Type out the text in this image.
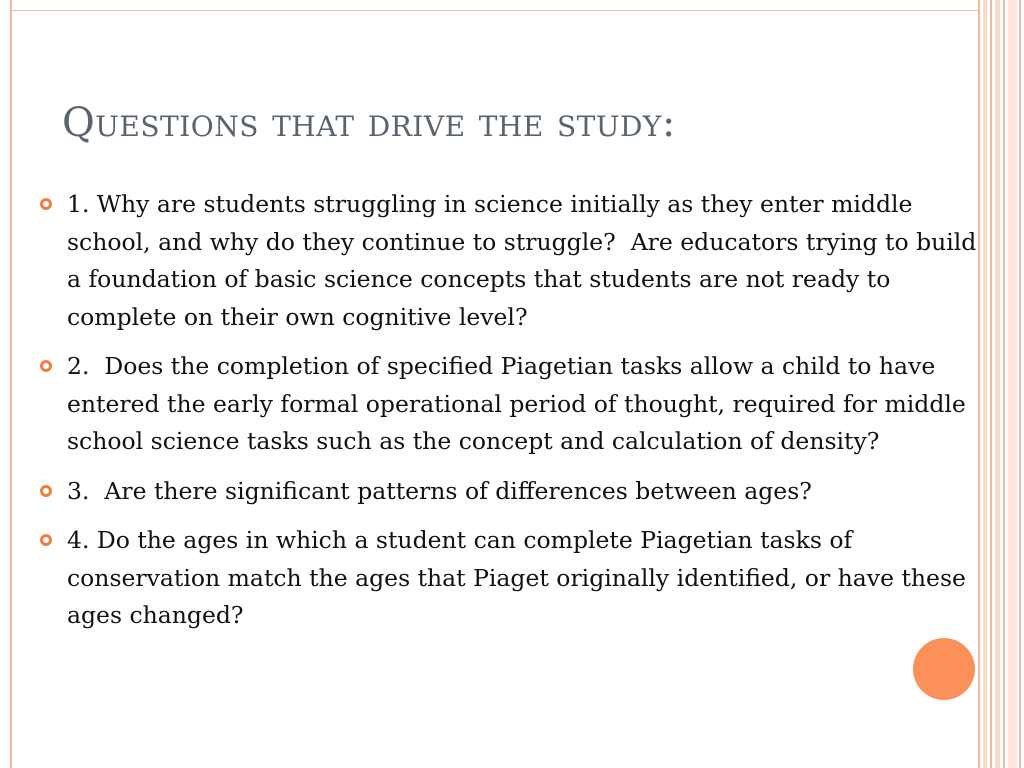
Questions that drive the study:
1. Why are students struggling in science initially as they enter middle school, and why do they continue to struggle?  Are educators trying to build a foundation of basic science concepts that students are not ready to complete on their own cognitive level?
2.  Does the completion of specified Piagetian tasks allow a child to have entered the early formal operational period of thought, required for middle school science tasks such as the concept and calculation of density?
3.  Are there significant patterns of differences between ages?
4. Do the ages in which a student can complete Piagetian tasks of conservation match the ages that Piaget originally identified, or have these ages changed?
